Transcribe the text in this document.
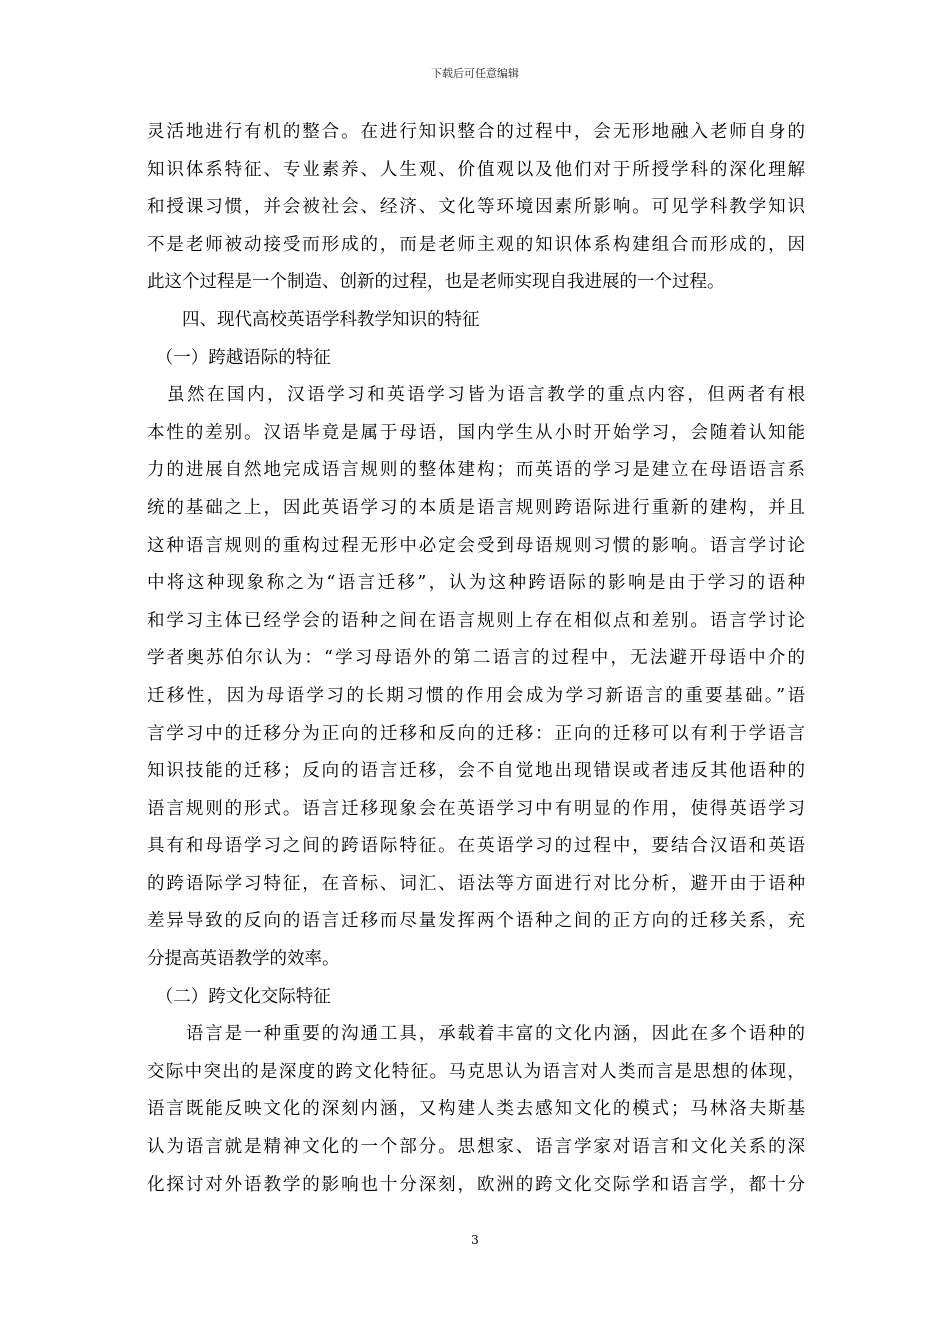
下载后可任意编辑
灵活地进行有机的整合。在进行知识整合的过程中，会无形地融入老师自身的
知识体系特征、专业素养、人生观、价值观以及他们对于所授学科的深化理解
和授课习惯，并会被社会、经济、文化等环境因素所影响。可见学科教学知识
不是老师被动接受而形成的，而是老师主观的知识体系构建组合而形成的，因
此这个过程是一个制造、创新的过程，也是老师实现自我进展的一个过程。
　　四、现代高校英语学科教学知识的特征
　（一）跨越语际的特征
　虽然在国内，汉语学习和英语学习皆为语言教学的重点内容，但两者有根
本性的差别。汉语毕竟是属于母语，国内学生从小时开始学习，会随着认知能
力的进展自然地完成语言规则的整体建构；而英语的学习是建立在母语语言系
统的基础之上，因此英语学习的本质是语言规则跨语际进行重新的建构，并且
这种语言规则的重构过程无形中必定会受到母语规则习惯的影响。语言学讨论
中将这种现象称之为“语言迁移”，认为这种跨语际的影响是由于学习的语种
和学习主体已经学会的语种之间在语言规则上存在相似点和差别。语言学讨论
学者奥苏伯尔认为：“学习母语外的第二语言的过程中，无法避开母语中介的
迁移性，因为母语学习的长期习惯的作用会成为学习新语言的重要基础。”语
言学习中的迁移分为正向的迁移和反向的迁移：正向的迁移可以有利于学语言
知识技能的迁移；反向的语言迁移，会不自觉地出现错误或者违反其他语种的
语言规则的形式。语言迁移现象会在英语学习中有明显的作用，使得英语学习
具有和母语学习之间的跨语际特征。在英语学习的过程中，要结合汉语和英语
的跨语际学习特征，在音标、词汇、语法等方面进行对比分析，避开由于语种
差异导致的反向的语言迁移而尽量发挥两个语种之间的正方向的迁移关系，充
分提高英语教学的效率。
　（二）跨文化交际特征
　　语言是一种重要的沟通工具，承载着丰富的文化内涵，因此在多个语种的
交际中突出的是深度的跨文化特征。马克思认为语言对人类而言是思想的体现，
语言既能反映文化的深刻内涵，又构建人类去感知文化的模式；马林洛夫斯基
认为语言就是精神文化的一个部分。思想家、语言学家对语言和文化关系的深
化探讨对外语教学的影响也十分深刻，欧洲的跨文化交际学和语言学，都十分
3
